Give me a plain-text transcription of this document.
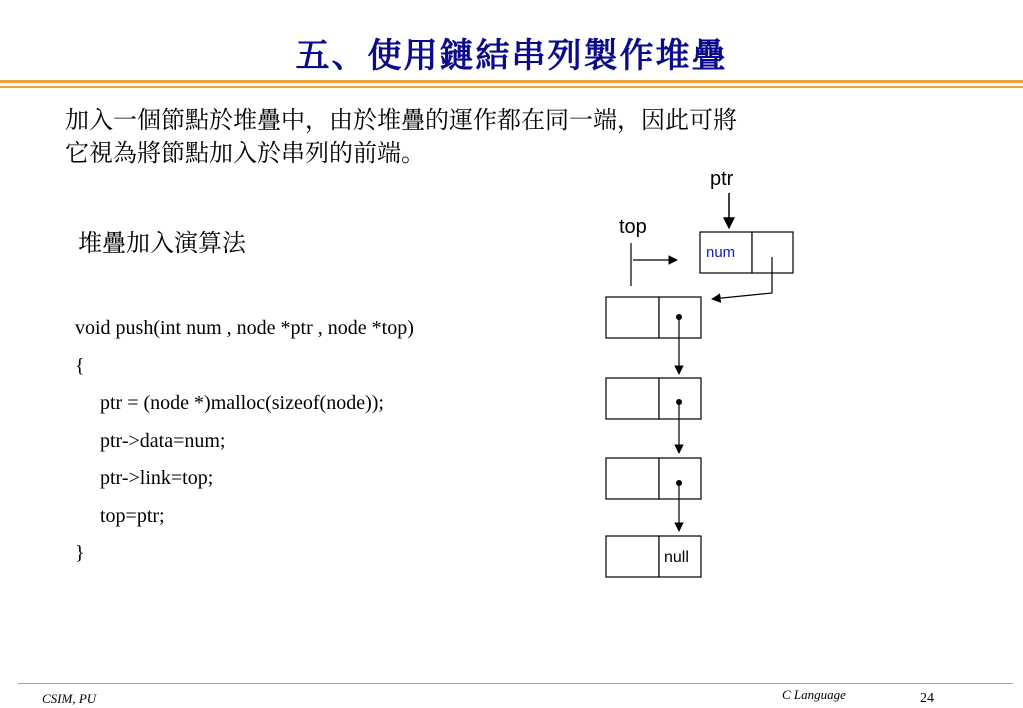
五、使用鏈結串列製作堆疊
加入一個節點於堆疊中，由於堆疊的運作都在同一端，因此可將
它視為將節點加入於串列的前端。
堆疊加入演算法
void push(int num , node *ptr , node *top)
{
ptr = (node *)malloc(sizeof(node));
ptr->data=num;
ptr->link=top;
top=ptr;
}
ptr
num
top
null
CSIM, PU	C Language	24
